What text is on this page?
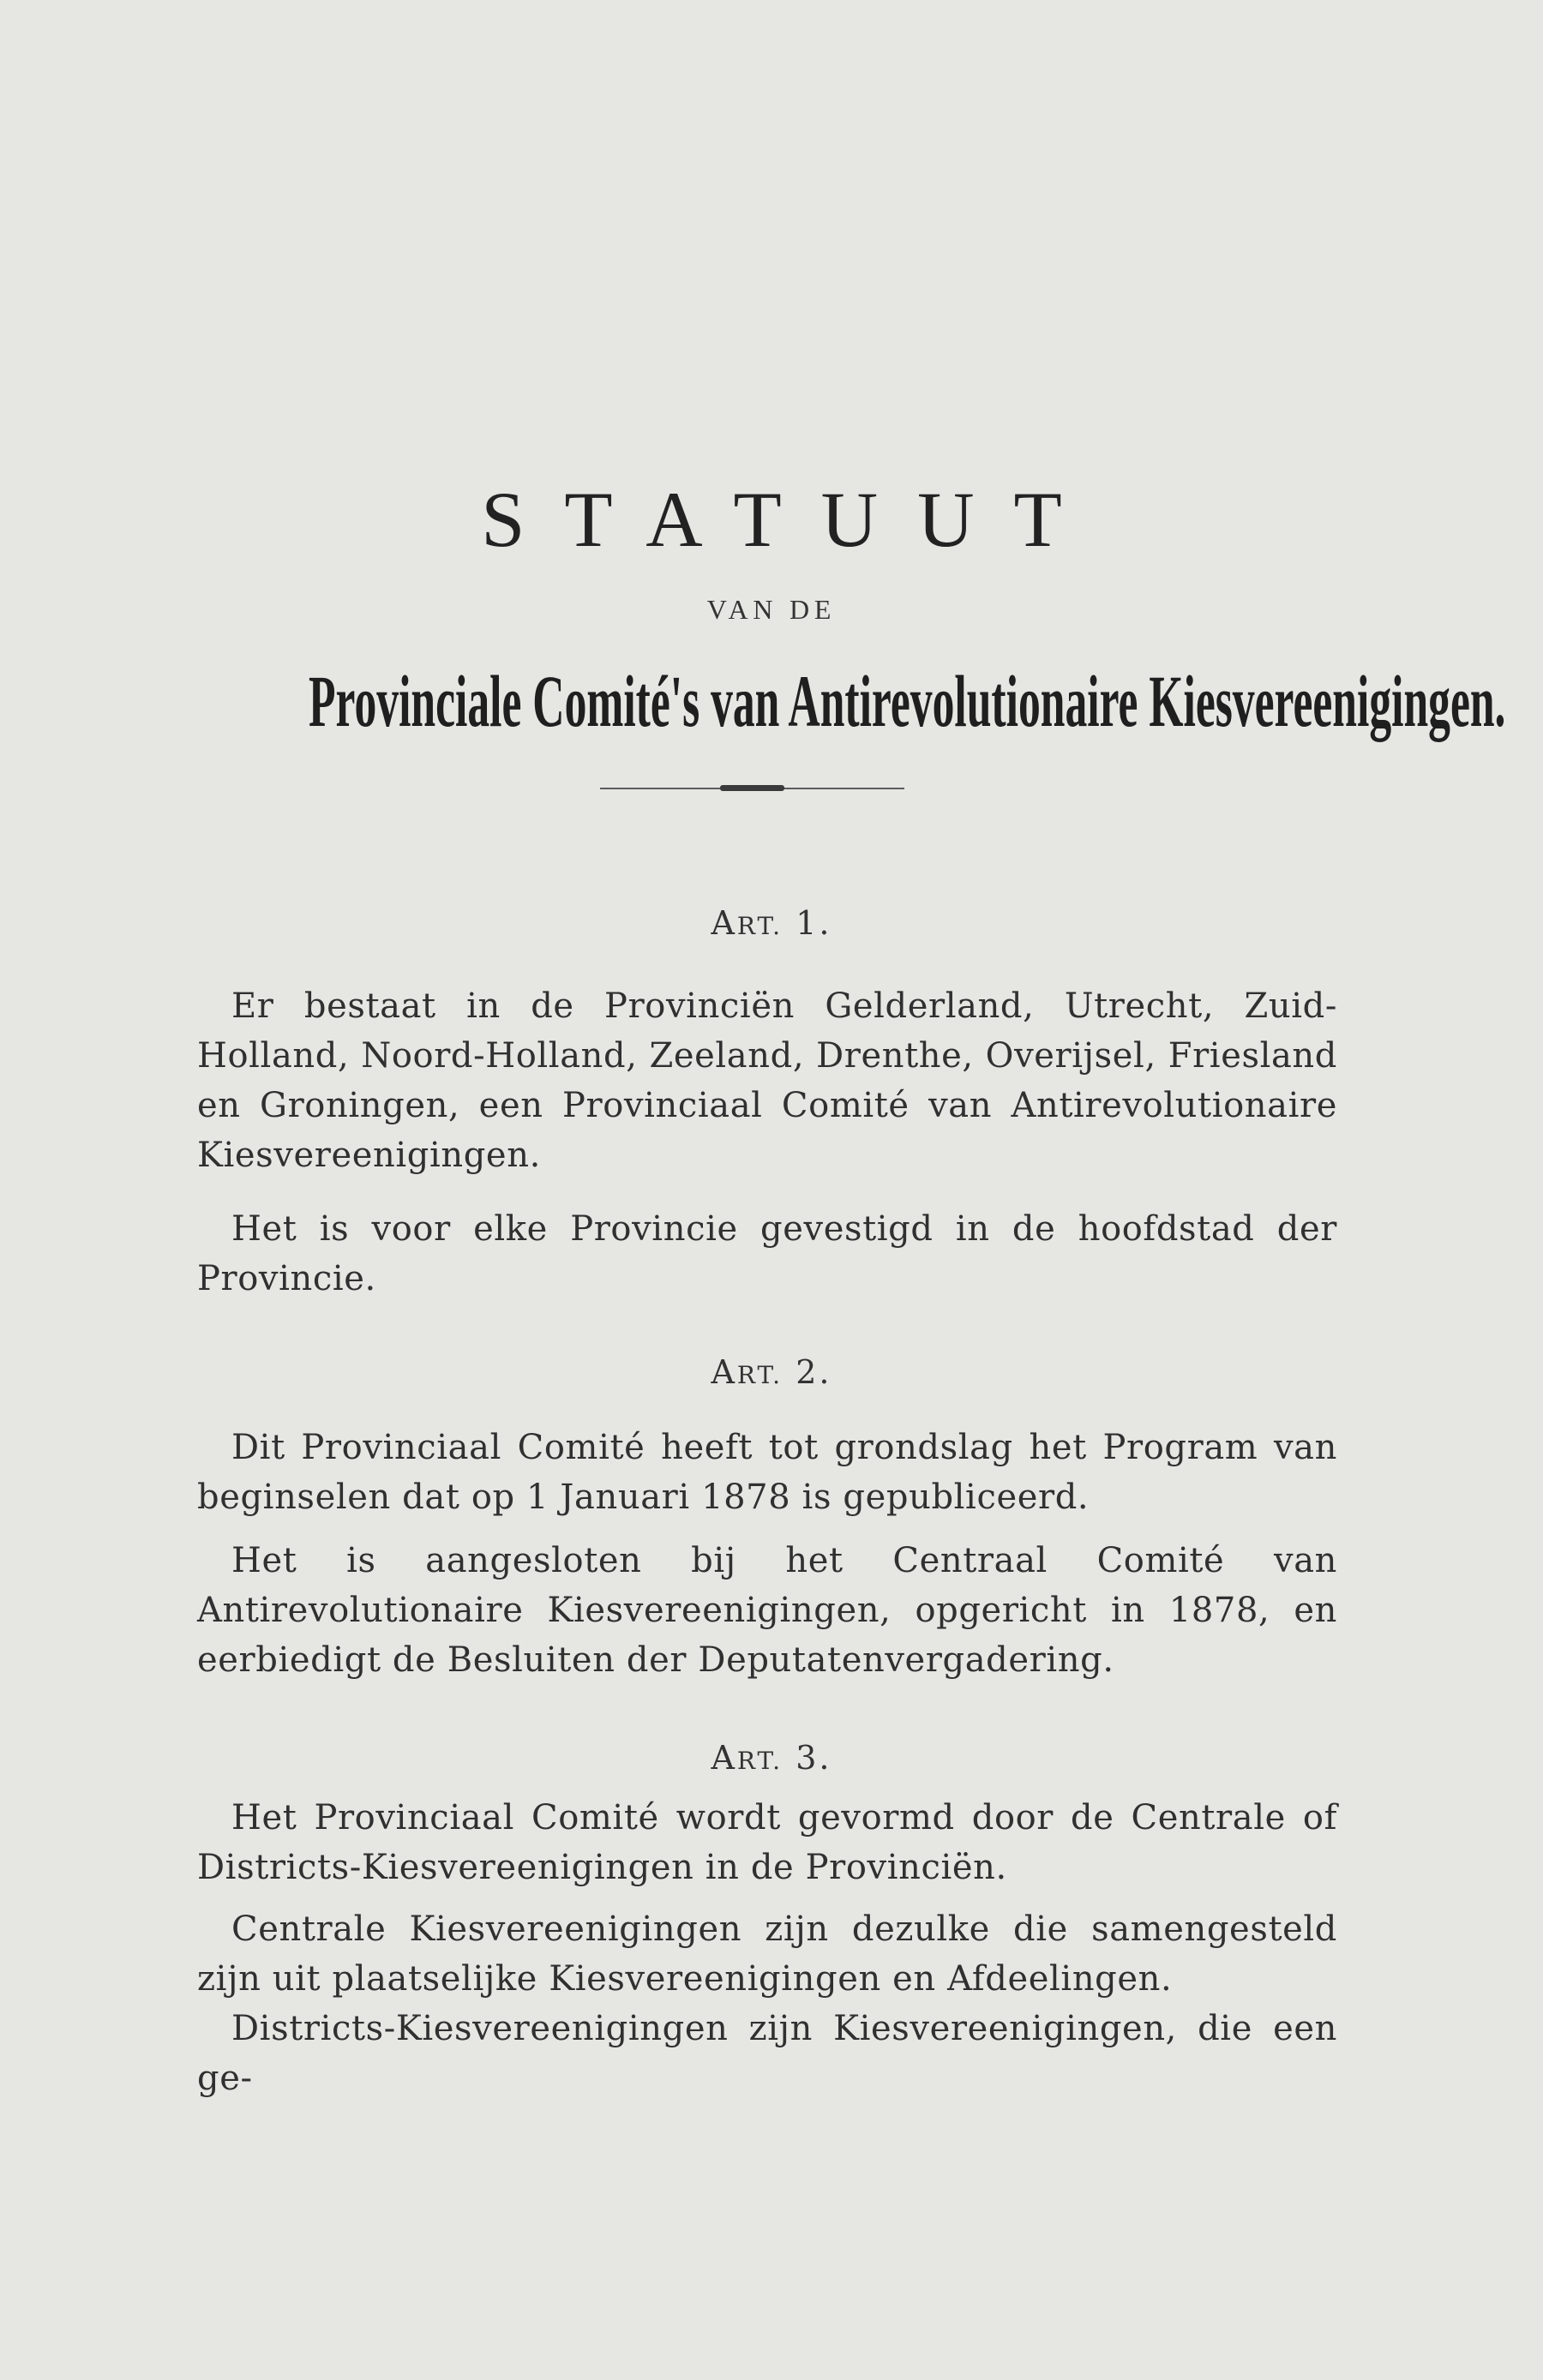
STATUUT
VAN DE
Provinciale Comité's van Antirevolutionaire Kiesvereenigingen.
ART. 1.
Er bestaat in de Provinciën Gelderland, Utrecht, Zuid-Holland, Noord-Holland, Zeeland, Drenthe, Overijsel, Friesland en Groningen, een Provinciaal Comité van Antirevolutionaire Kiesvereenigingen.
Het is voor elke Provincie gevestigd in de hoofdstad der Provincie.
ART. 2.
Dit Provinciaal Comité heeft tot grondslag het Program van beginselen dat op 1 Januari 1878 is gepubliceerd.
Het is aangesloten bij het Centraal Comité van Antirevolutionaire Kiesvereenigingen, opgericht in 1878, en eerbiedigt de Besluiten der Deputatenvergadering.
ART. 3.
Het Provinciaal Comité wordt gevormd door de Centrale of Districts-Kiesvereenigingen in de Provinciën.
Centrale Kiesvereenigingen zijn dezulke die samengesteld zijn uit plaatselijke Kiesvereenigingen en Afdeelingen.
Districts-Kiesvereenigingen zijn Kiesvereenigingen, die een ge-
